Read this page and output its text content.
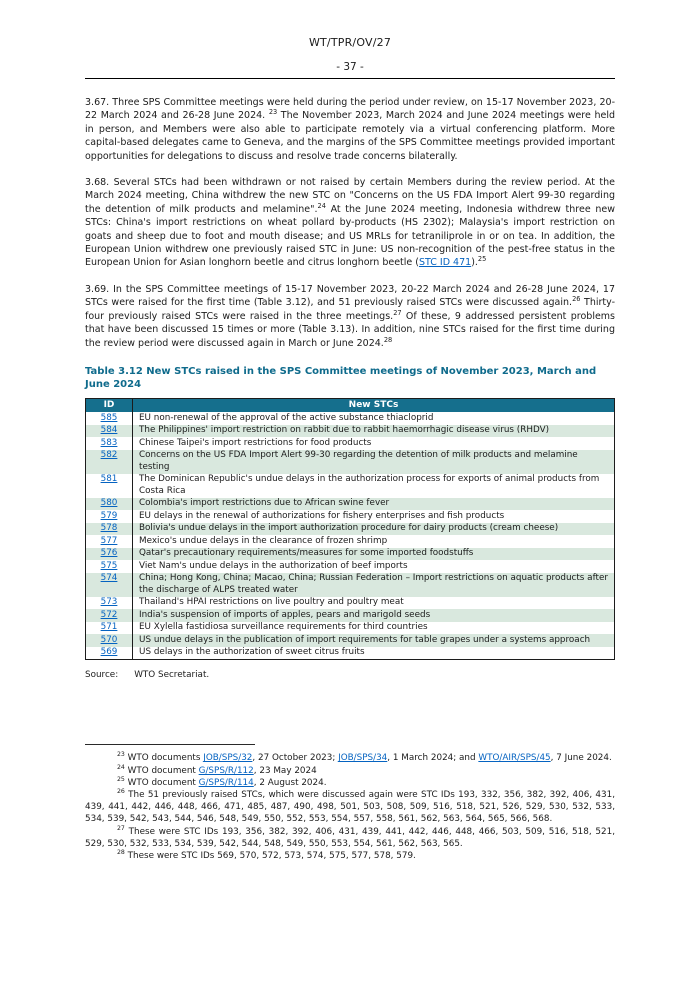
WT/TPR/OV/27
- 37 -

3.67. Three SPS Committee meetings were held during the period under review, on 15-17 November 2023, 20-22 March 2024 and 26-28 June 2024. $^{23}$ The November 2023, March 2024 and June 2024 meetings were held in person, and Members were also able to participate remotely via a virtual conferencing platform. More capital-based delegates came to Geneva, and the margins of the SPS Committee meetings provided important opportunities for delegations to discuss and resolve trade concerns bilaterally.

3.68. Several STCs had been withdrawn or not raised by certain Members during the review period. At the March 2024 meeting, China withdrew the new STC on "Concerns on the US FDA Import Alert 99-30 regarding the detention of milk products and melamine".$^{24}$ At the June 2024 meeting, Indonesia withdrew three new STCs: China's import restrictions on wheat pollard by-products (HS 2302); Malaysia's import restriction on goats and sheep due to foot and mouth disease; and US MRLs for tetraniliprole in or on tea. In addition, the European Union withdrew one previously raised STC in June: US non-recognition of the pest-free status in the European Union for Asian longhorn beetle and citrus longhorn beetle (STC ID 471).$^{25}$

3.69. In the SPS Committee meetings of 15-17 November 2023, 20-22 March 2024 and 26-28 June 2024, 17 STCs were raised for the first time (Table 3.12), and 51 previously raised STCs were discussed again.$^{26}$ Thirty-four previously raised STCs were raised in the three meetings.$^{27}$ Of these, 9 addressed persistent problems that have been discussed 15 times or more (Table 3.13). In addition, nine STCs raised for the first time during the review period were discussed again in March or June 2024.28

Table 3.12 New STCs raised in the SPS Committee meetings of November 2023, March and June 2024
ID	New STCs
585	EU non-renewal of the approval of the active substance thiacloprid
584	The Philippines' import restriction on rabbit due to rabbit haemorrhagic disease virus (RHDV)
583	Chinese Taipei's import restrictions for food products
582	Concerns on the US FDA Import Alert 99-30 regarding the detention of milk products and melamine testing
581	The Dominican Republic's undue delays in the authorization process for exports of animal products from Costa Rica
580	Colombia's import restrictions due to African swine fever
579	EU delays in the renewal of authorizations for fishery enterprises and fish products
578	Bolivia's undue delays in the import authorization procedure for dairy products (cream cheese)
577	Mexico's undue delays in the clearance of frozen shrimp
576	Qatar's precautionary requirements/measures for some imported foodstuffs
575	Viet Nam's undue delays in the authorization of beef imports
574	China; Hong Kong, China; Macao, China; Russian Federation – Import restrictions on aquatic products after the discharge of ALPS treated water
573	Thailand's HPAI restrictions on live poultry and poultry meat
572	India's suspension of imports of apples, pears and marigold seeds
571	EU Xylella fastidiosa surveillance requirements for third countries
570	US undue delays in the publication of import requirements for table grapes under a systems approach
569	US delays in the authorization of sweet citrus fruits
Source: WTO Secretariat.

$^{23}$ WTO documents JOB/SPS/32, 27 October 2023; JOB/SPS/34, 1 March 2024; and WTO/AIR/SPS/45, 7 June 2024.

$^{24}$ WTO document G/SPS/R/112, 23 May 2024

$^{25}$ WTO document G/SPS/R/114, 2 August 2024.

$^{26}$ The 51 previously raised STCs, which were discussed again were STC IDs 193, 332, 356, 382, 392, 406, 431, 439, 441, 442, 446, 448, 466, 471, 485, 487, 490, 498, 501, 503, 508, 509, 516, 518, 521, 526, 529, 530, 532, 533, 534, 539, 542, 543, 544, 546, 548, 549, 550, 552, 553, 554, 557, 558, 561, 562, 563, 564, 565, 566, 568.

$^{27}$ These were STC IDs 193, 356, 382, 392, 406, 431, 439, 441, 442, 446, 448, 466, 503, 509, 516, 518, 521, 529, 530, 532, 533, 534, 539, 542, 544, 548, 549, 550, 553, 554, 561, 562, 563, 565.

$^{28}$ These were STC IDs 569, 570, 572, 573, 574, 575, 577, 578, 579.
